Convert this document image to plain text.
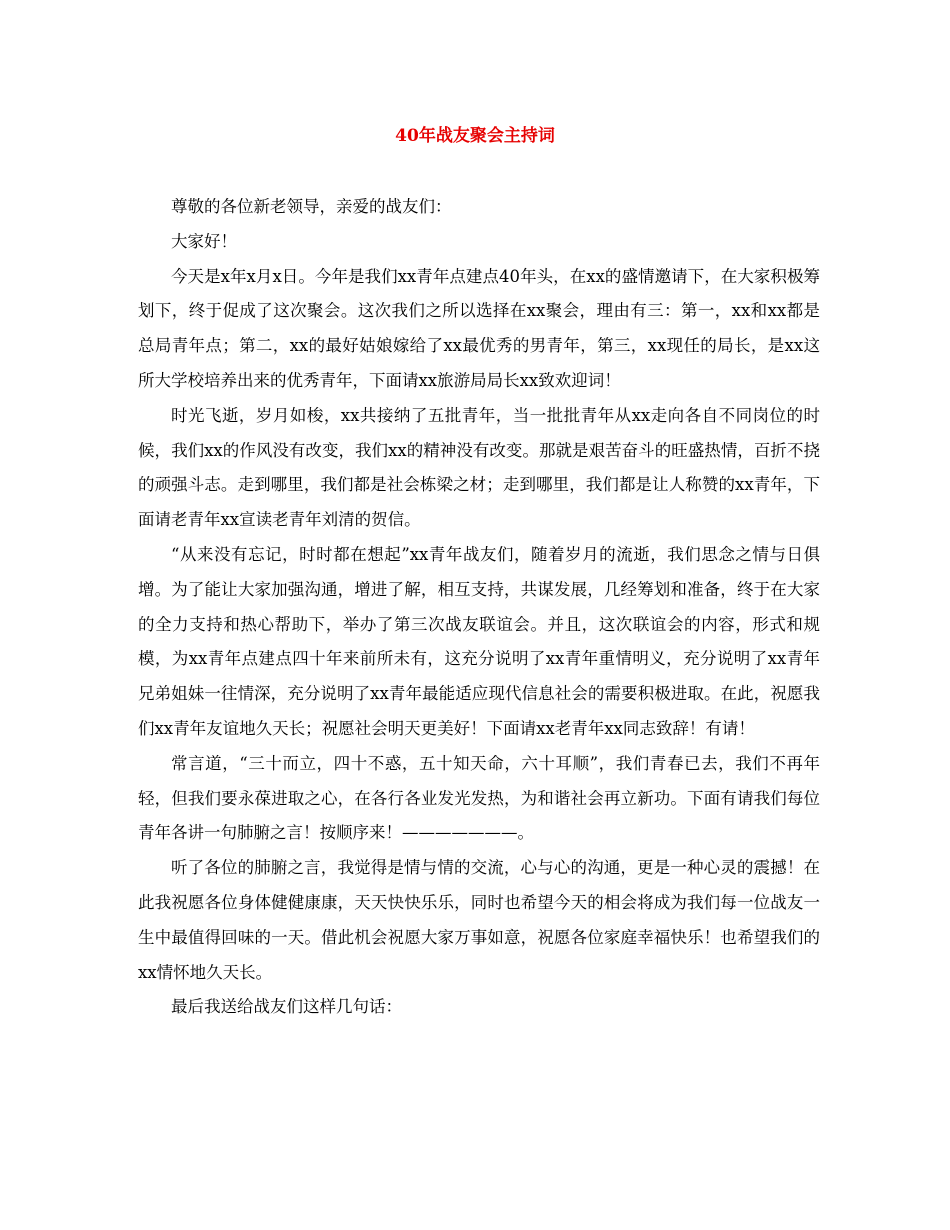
40年战友聚会主持词

尊敬的各位新老领导，亲爱的战友们：

大家好！

今天是x年x月x日。今年是我们xx青年点建点40年头，在xx的盛情邀请下，在大家积极筹划下，终于促成了这次聚会。这次我们之所以选择在xx聚会，理由有三：第一，xx和xx都是总局青年点；第二，xx的最好姑娘嫁给了xx最优秀的男青年，第三，xx现任的局长，是xx这所大学校培养出来的优秀青年，下面请xx旅游局局长xx致欢迎词！

时光飞逝，岁月如梭，xx共接纳了五批青年，当一批批青年从xx走向各自不同岗位的时候，我们xx的作风没有改变，我们xx的精神没有改变。那就是艰苦奋斗的旺盛热情，百折不挠的顽强斗志。走到哪里，我们都是社会栋梁之材；走到哪里，我们都是让人称赞的xx青年，下面请老青年xx宣读老青年刘清的贺信。

“从来没有忘记，时时都在想起”xx青年战友们，随着岁月的流逝，我们思念之情与日俱增。为了能让大家加强沟通，增进了解，相互支持，共谋发展，几经筹划和准备，终于在大家的全力支持和热心帮助下，举办了第三次战友联谊会。并且，这次联谊会的内容，形式和规模，为xx青年点建点四十年来前所未有，这充分说明了xx青年重情明义，充分说明了xx青年兄弟姐妹一往情深，充分说明了xx青年最能适应现代信息社会的需要积极进取。在此，祝愿我们xx青年友谊地久天长；祝愿社会明天更美好！下面请xx老青年xx同志致辞！有请！

常言道，“三十而立，四十不惑，五十知天命，六十耳顺”，我们青春已去，我们不再年轻，但我们要永葆进取之心，在各行各业发光发热，为和谐社会再立新功。下面有请我们每位青年各讲一句肺腑之言！按顺序来！———————。

听了各位的肺腑之言，我觉得是情与情的交流，心与心的沟通，更是一种心灵的震撼！在此我祝愿各位身体健健康康，天天快快乐乐，同时也希望今天的相会将成为我们每一位战友一生中最值得回味的一天。借此机会祝愿大家万事如意，祝愿各位家庭幸福快乐！也希望我们的xx情怀地久天长。

最后我送给战友们这样几句话：
